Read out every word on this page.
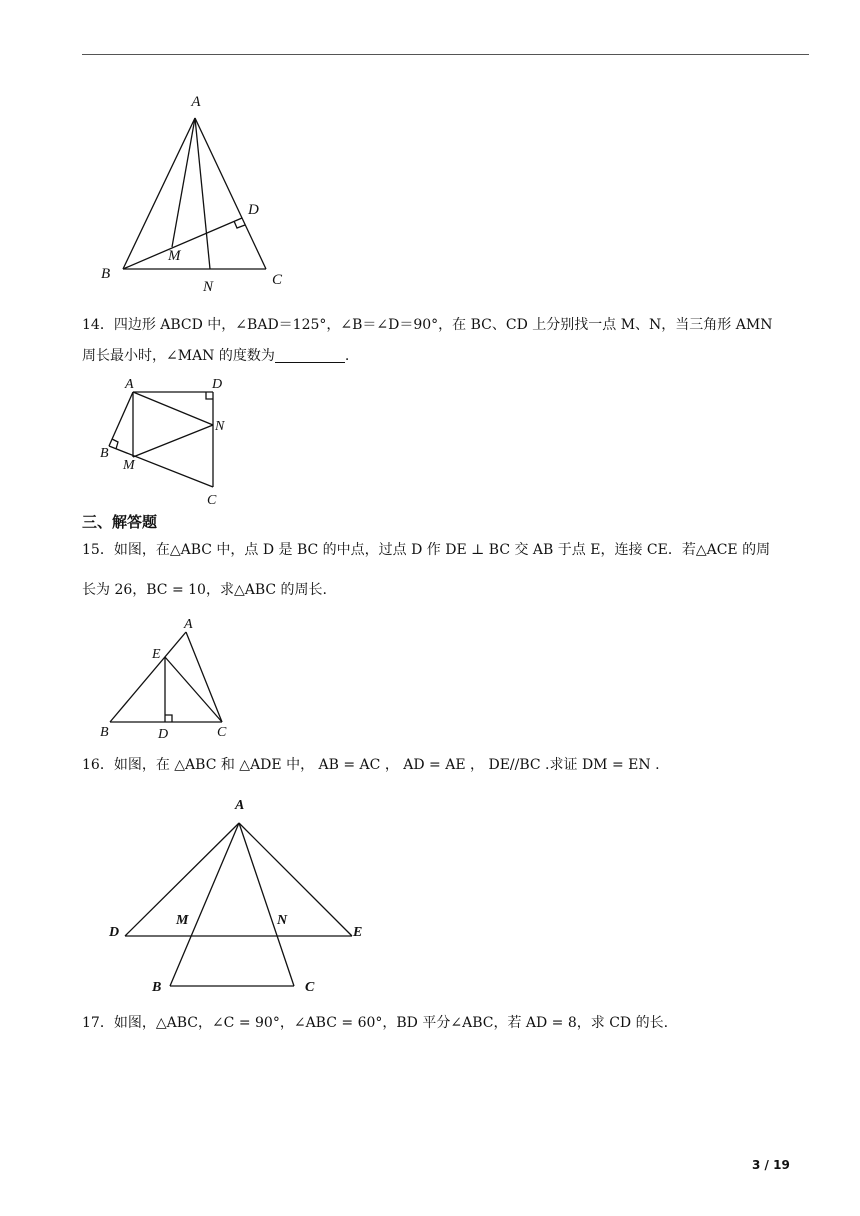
A
B	C
D
M
N
14．四边形 ABCD 中，∠BAD＝125°，∠B＝∠D＝90°，在 BC、CD 上分别找一点 M、N，当三角形 AMN
周长最小时，∠MAN 的度数为	.
A	D
N
B
M
C
三、解答题
15．如图，在△ABC 中，点 D 是 BC 的中点，过点 D 作 DE ⊥ BC 交 AB 于点 E，连接 CE．若△ACE 的周
长为 26，BC = 10，求△ABC 的周长.
A
E
B	D	C
16．如图，在 △ABC 和 △ADE 中， AB = AC ， AD = AE ， DE//BC .求证 DM = EN .
A
D
M	N
E
B	C
17．如图，△ABC，∠C = 90°，∠ABC = 60°，BD 平分∠ABC，若 AD = 8，求 CD 的长.
3 / 19
